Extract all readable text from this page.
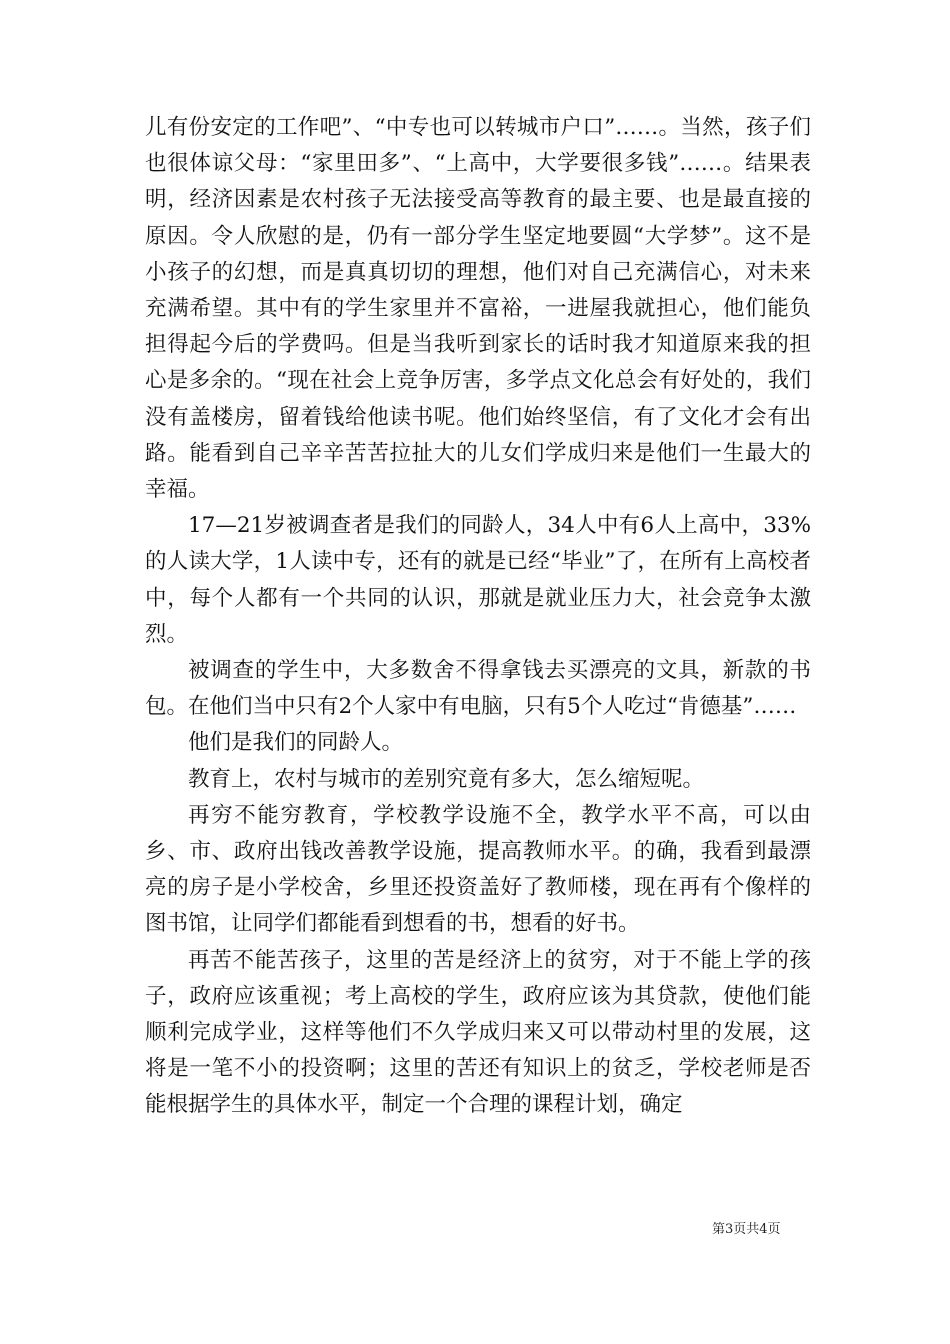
儿有份安定的工作吧”、“中专也可以转城市户口”……。当然，孩子们也很体谅父母：“家里田多”、“上高中，大学要很多钱”……。结果表明，经济因素是农村孩子无法接受高等教育的最主要、也是最直接的原因。令人欣慰的是，仍有一部分学生坚定地要圆“大学梦”。这不是小孩子的幻想，而是真真切切的理想，他们对自己充满信心，对未来充满希望。其中有的学生家里并不富裕，一进屋我就担心，他们能负担得起今后的学费吗。但是当我听到家长的话时我才知道原来我的担心是多余的。“现在社会上竞争厉害，多学点文化总会有好处的，我们没有盖楼房，留着钱给他读书呢。他们始终坚信，有了文化才会有出路。能看到自己辛辛苦苦拉扯大的儿女们学成归来是他们一生最大的幸福。

17—21岁被调查者是我们的同龄人，34人中有6人上高中，33%的人读大学，1人读中专，还有的就是已经“毕业”了，在所有上高校者中，每个人都有一个共同的认识，那就是就业压力大，社会竞争太激烈。

被调查的学生中，大多数舍不得拿钱去买漂亮的文具，新款的书包。在他们当中只有2个人家中有电脑，只有5个人吃过“肯德基”……

他们是我们的同龄人。

教育上，农村与城市的差别究竟有多大，怎么缩短呢。

再穷不能穷教育，学校教学设施不全，教学水平不高，可以由乡、市、政府出钱改善教学设施，提高教师水平。的确，我看到最漂亮的房子是小学校舍，乡里还投资盖好了教师楼，现在再有个像样的图书馆，让同学们都能看到想看的书，想看的好书。

再苦不能苦孩子，这里的苦是经济上的贫穷，对于不能上学的孩子，政府应该重视；考上高校的学生，政府应该为其贷款，使他们能顺利完成学业，这样等他们不久学成归来又可以带动村里的发展，这将是一笔不小的投资啊；这里的苦还有知识上的贫乏，学校老师是否能根据学生的具体水平，制定一个合理的课程计划，确定

第3页共4页
